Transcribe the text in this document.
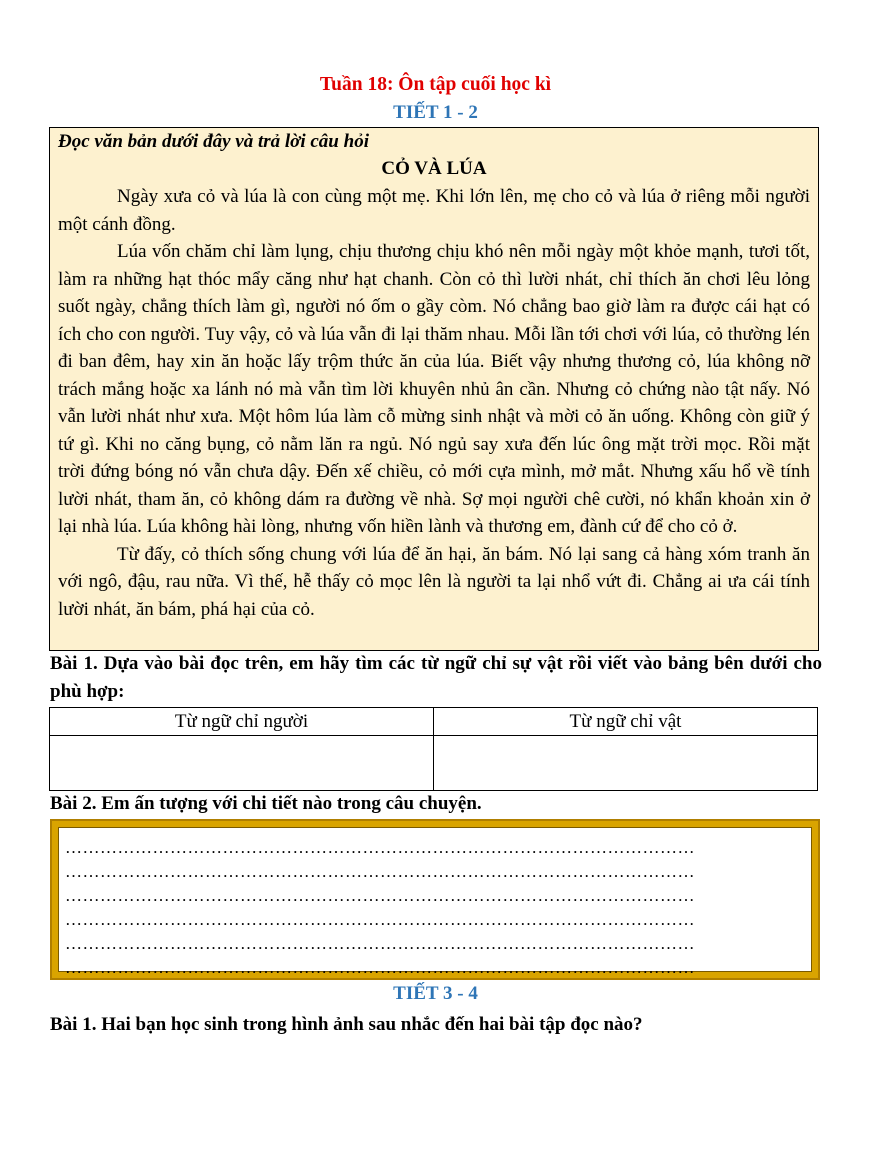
Tuần 18: Ôn tập cuối học kì
TIẾT 1 - 2
Đọc văn bản dưới đây và trả lời câu hỏi
CỎ VÀ LÚA

Ngày xưa cỏ và lúa là con cùng một mẹ. Khi lớn lên, mẹ cho cỏ và lúa ở riêng mỗi người một cánh đồng.

Lúa vốn chăm chỉ làm lụng, chịu thương chịu khó nên mỗi ngày một khỏe mạnh, tươi tốt, làm ra những hạt thóc mẩy căng như hạt chanh. Còn cỏ thì lười nhát, chỉ thích ăn chơi lêu lỏng suốt ngày, chẳng thích làm gì, người nó ốm o gầy còm. Nó chẳng bao giờ làm ra được cái hạt có ích cho con người. Tuy vậy, cỏ và lúa vẫn đi lại thăm nhau. Mỗi lần tới chơi với lúa, cỏ thường lén đi ban đêm, hay xin ăn hoặc lấy trộm thức ăn của lúa. Biết vậy nhưng thương cỏ, lúa không nỡ trách mắng hoặc xa lánh nó mà vẫn tìm lời khuyên nhủ ân cần. Nhưng cỏ chứng nào tật nấy. Nó vẫn lười nhát như xưa. Một hôm lúa làm cỗ mừng sinh nhật và mời cỏ ăn uống. Không còn giữ ý tứ gì. Khi no căng bụng, cỏ nằm lăn ra ngủ. Nó ngủ say xưa đến lúc ông mặt trời mọc. Rồi mặt trời đứng bóng nó vẫn chưa dậy. Đến xế chiều, cỏ mới cựa mình, mở mắt. Nhưng xấu hổ về tính lười nhát, tham ăn, cỏ không dám ra đường về nhà. Sợ mọi người chê cười, nó khẩn khoản xin ở lại nhà lúa. Lúa không hài lòng, nhưng vốn hiền lành và thương em, đành cứ để cho cỏ ở.

Từ đấy, cỏ thích sống chung với lúa để ăn hại, ăn bám. Nó lại sang cả hàng xóm tranh ăn với ngô, đậu, rau nữa. Vì thế, hễ thấy cỏ mọc lên là người ta lại nhổ vứt đi. Chẳng ai ưa cái tính lười nhát, ăn bám, phá hại của cỏ.

Bài 1. Dựa vào bài đọc trên, em hãy tìm các từ ngữ chỉ sự vật rồi viết vào bảng bên dưới cho phù hợp:
Từ ngữ chỉ người	Từ ngữ chỉ vật

Bài 2. Em ấn tượng với chi tiết nào trong câu chuyện.
………………………………………………………………………………………………
………………………………………………………………………………………………
………………………………………………………………………………………………
………………………………………………………………………………………………
………………………………………………………………………………………………
………………………………………………………………………………………………
TIẾT 3 - 4
Bài 1. Hai bạn học sinh trong hình ảnh sau nhắc đến hai bài tập đọc nào?
